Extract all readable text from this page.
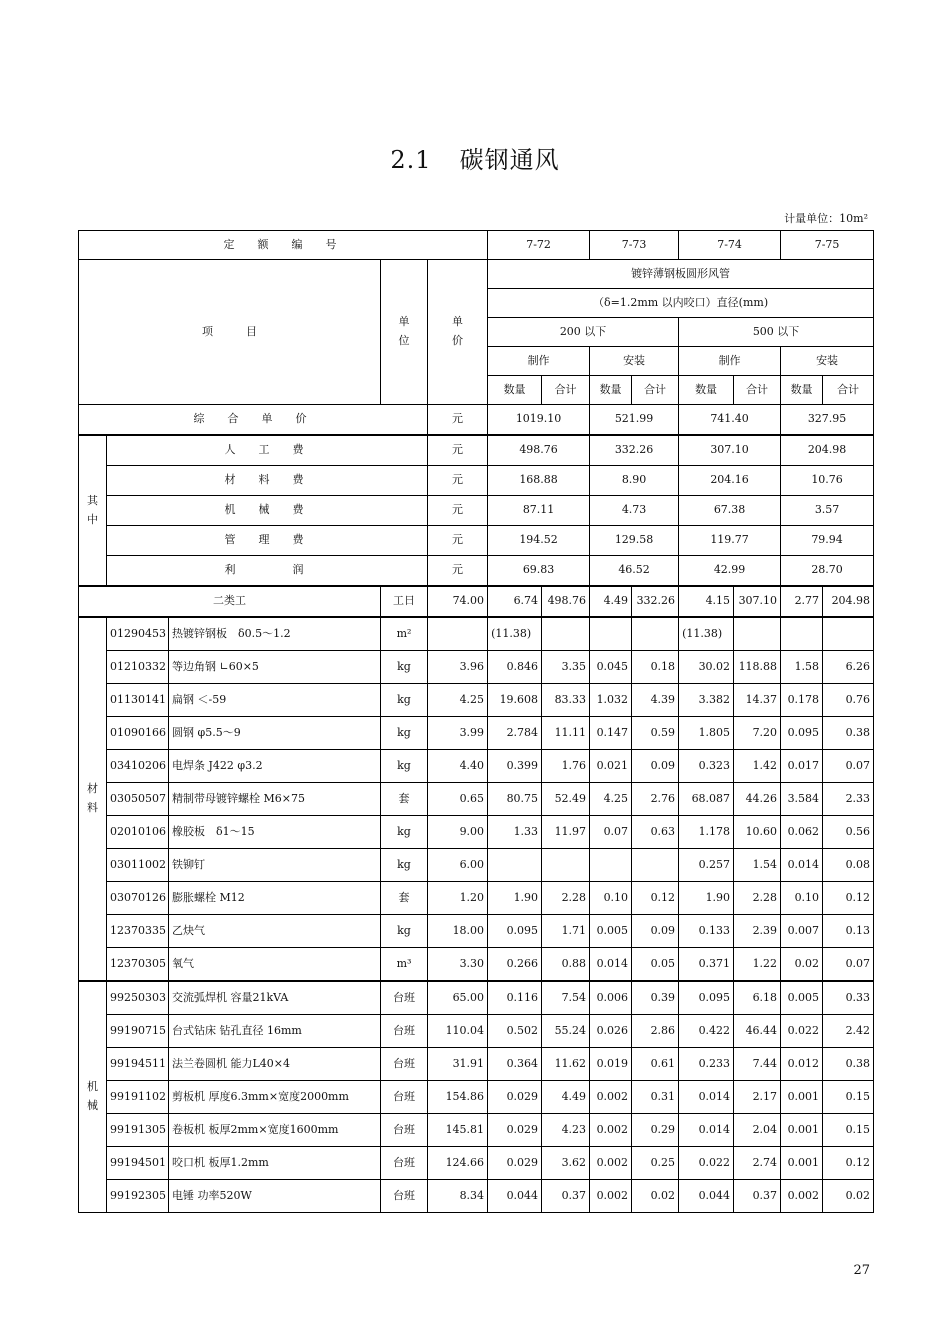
2.1 碳钢通风
计量单位：10m²
定　额　编　号					7-72		7-73		7-74		7-75	
项　　　目			单位	单价	镀锌薄钢板圆形风管							
					（δ=1.2mm 以内咬口）直径(mm)							
					200 以下				500 以下			
					制作		安装		制作		安装	
					数量	合计	数量	合计	数量	合计	数量	合计
综　合　单　价				元	1019.10		521.99		741.40		327.95	
其中	人　工　费			元	498.76		332.26		307.10		204.98	
	材　料　费			元	168.88		8.90		204.16		10.76	
	机　械　费			元	87.11		4.73		67.38		3.57	
	管　理　费			元	194.52		129.58		119.77		79.94	
	利　　　润			元	69.83		46.52		42.99		28.70	
二类工			工日	74.00	6.74	498.76	4.49	332.26	4.15	307.10	2.77	204.98
材料	01290453	热镀锌钢板　δ0.5～1.2	m²		(11.38)				(11.38)			
	01210332	等边角钢 ∟60×5	kg	3.96	0.846	3.35	0.045	0.18	30.02	118.88	1.58	6.26
	01130141	扁钢 ＜-59	kg	4.25	19.608	83.33	1.032	4.39	3.382	14.37	0.178	0.76
	01090166	圆钢 φ5.5～9	kg	3.99	2.784	11.11	0.147	0.59	1.805	7.20	0.095	0.38
	03410206	电焊条 J422 φ3.2	kg	4.40	0.399	1.76	0.021	0.09	0.323	1.42	0.017	0.07
	03050507	精制带母镀锌螺栓 M6×75	套	0.65	80.75	52.49	4.25	2.76	68.087	44.26	3.584	2.33
	02010106	橡胶板　δ1～15	kg	9.00	1.33	11.97	0.07	0.63	1.178	10.60	0.062	0.56
	03011002	铁铆钉	kg	6.00					0.257	1.54	0.014	0.08
	03070126	膨胀螺栓 M12	套	1.20	1.90	2.28	0.10	0.12	1.90	2.28	0.10	0.12
	12370335	乙炔气	kg	18.00	0.095	1.71	0.005	0.09	0.133	2.39	0.007	0.13
	12370305	氧气	m³	3.30	0.266	0.88	0.014	0.05	0.371	1.22	0.02	0.07
机械	99250303	交流弧焊机 容量21kVA	台班	65.00	0.116	7.54	0.006	0.39	0.095	6.18	0.005	0.33
	99190715	台式钻床 钻孔直径 16mm	台班	110.04	0.502	55.24	0.026	2.86	0.422	46.44	0.022	2.42
	99194511	法兰卷圆机 能力L40×4	台班	31.91	0.364	11.62	0.019	0.61	0.233	7.44	0.012	0.38
	99191102	剪板机 厚度6.3mm×宽度2000mm	台班	154.86	0.029	4.49	0.002	0.31	0.014	2.17	0.001	0.15
	99191305	卷板机 板厚2mm×宽度1600mm	台班	145.81	0.029	4.23	0.002	0.29	0.014	2.04	0.001	0.15
	99194501	咬口机 板厚1.2mm	台班	124.66	0.029	3.62	0.002	0.25	0.022	2.74	0.001	0.12
	99192305	电锤 功率520W	台班	8.34	0.044	0.37	0.002	0.02	0.044	0.37	0.002	0.02
27
